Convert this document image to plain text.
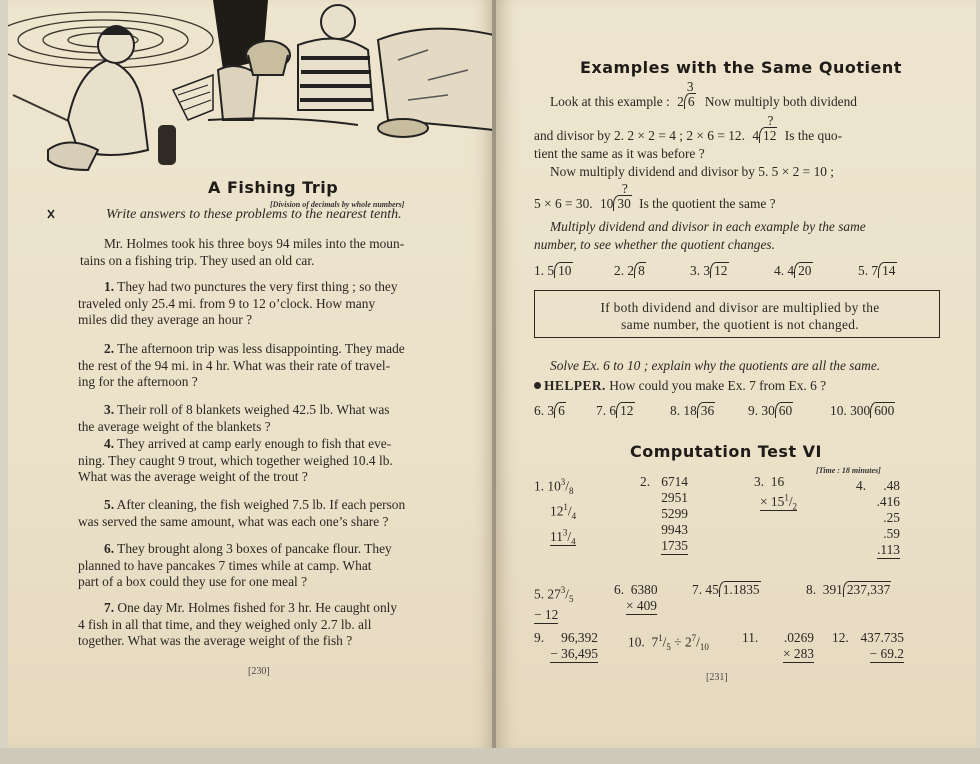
A Fishing Trip
[Division of decimals by whole numbers]
Write answers to these problems to the nearest tenth.
Mr. Holmes took his three boys 94 miles into the moun-
tains on a fishing trip. They used an old car.
1. They had two punctures the very first thing ; so they
traveled only 25.4 mi. from 9 to 12 o’clock. How many
miles did they average an hour ?
2. The afternoon trip was less disappointing. They made
the rest of the 94 mi. in 4 hr. What was their rate of travel-
ing for the afternoon ?
3. Their roll of 8 blankets weighed 42.5 lb. What was
the average weight of the blankets ?
4. They arrived at camp early enough to fish that eve-
ning. They caught 9 trout, which together weighed 10.4 lb.
What was the average weight of the trout ?
5. After cleaning, the fish weighed 7.5 lb. If each person
was served the same amount, what was each one’s share ?
6. They brought along 3 boxes of pancake flour. They
planned to have pancakes 7 times while at camp. What
part of a box could they use for one meal ?
7. One day Mr. Holmes fished for 3 hr. He caught only
4 fish in all that time, and they weighed only 2.7 lb. all
together. What was the average weight of the fish ?
[230]
Examples with the Same Quotient
Look at this example :
3
2 6 Now multiply both dividend
and divisor by 2. 2 × 2 = 4 ; 2 × 6 = 12.
?
4 12 Is the quo-
tient the same as it was before ?
Now multiply dividend and divisor by 5. 5 × 2 = 10 ;
5 × 6 = 30.
?
10 30 Is the quotient the same ?
Multiply dividend and divisor in each example by the same
number, to see whether the quotient changes.
1. 5 10	2. 2 8	3. 3 12	4. 4 20	5. 7 14
If both dividend and divisor are multiplied by the
same number, the quotient is not changed.
Solve Ex. 6 to 10 ; explain why the quotients are all the same.
HELPER. How could you make Ex. 7 from Ex. 6 ?
6. 3 6 7. 6 12	8. 18 36	9. 30 60	10. 300 600
Computation Test VI
[Time : 18 minutes]
1. $10^3/_8$
$12^1/_4$
$11^3/_4$
2. 6714
2951
5299
9943
1735
3. 16
× $15^1/_2$
4. .48
.416
.25
.59
.113
5. $27^3/_5$
− 12
6. 6380
× 409
7. 45 1.1835	8. 391 237,337
9. 96,392
− 36,495
10. $7^1/_5 \div 2^7/_{10}$
11. .0269
× 283
12. 437.735
− 69.2
[231]
